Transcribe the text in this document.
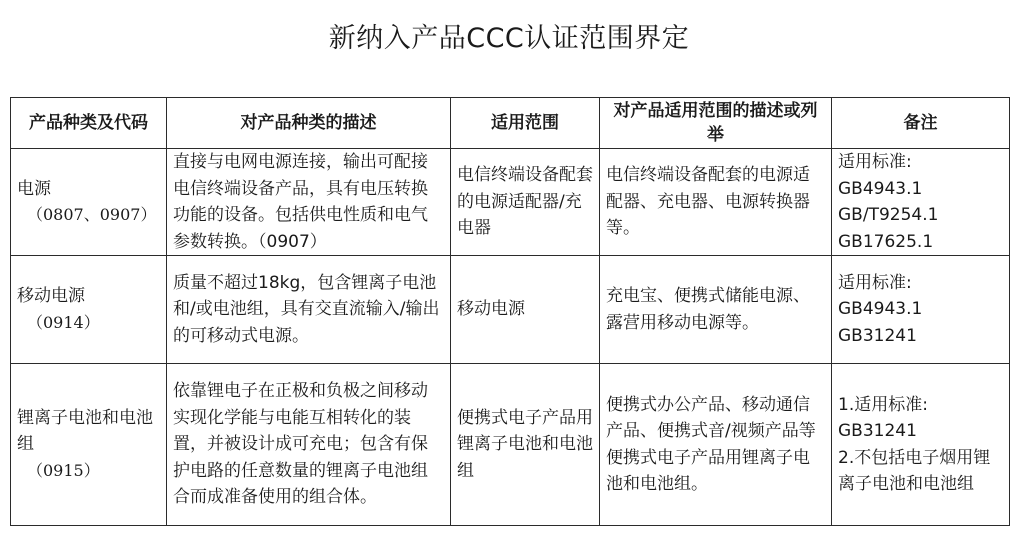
新纳入产品CCC认证范围界定
产品种类及代码	对产品种类的描述	适用范围	对产品适用范围的描述或列举	备注

电源
（0807、0907）	直接与电网电源连接，输出可配接电信终端设备产品，具有电压转换功能的设备。包括供电性质和电气参数转换。（0907）	电信终端设备配套的电源适配器/充电器	电信终端设备配套的电源适配器、充电器、电源转换器等。	适用标准:
GB4943.1
GB/T9254.1
GB17625.1

移动电源
（0914）	质量不超过18kg，包含锂离子电池和/或电池组，具有交直流输入/输出的可移动式电源。	移动电源	充电宝、便携式储能电源、露营用移动电源等。	适用标准:
GB4943.1
GB31241

锂离子电池和电池组
（0915）	依靠锂电子在正极和负极之间移动实现化学能与电能互相转化的装置，并被设计成可充电；包含有保护电路的任意数量的锂离子电池组合而成准备使用的组合体。	便携式电子产品用锂离子电池和电池组	便携式办公产品、移动通信产品、便携式音/视频产品等便携式电子产品用锂离子电池和电池组。	1.适用标准:
GB31241
2.不包括电子烟用锂离子电池和电池组
